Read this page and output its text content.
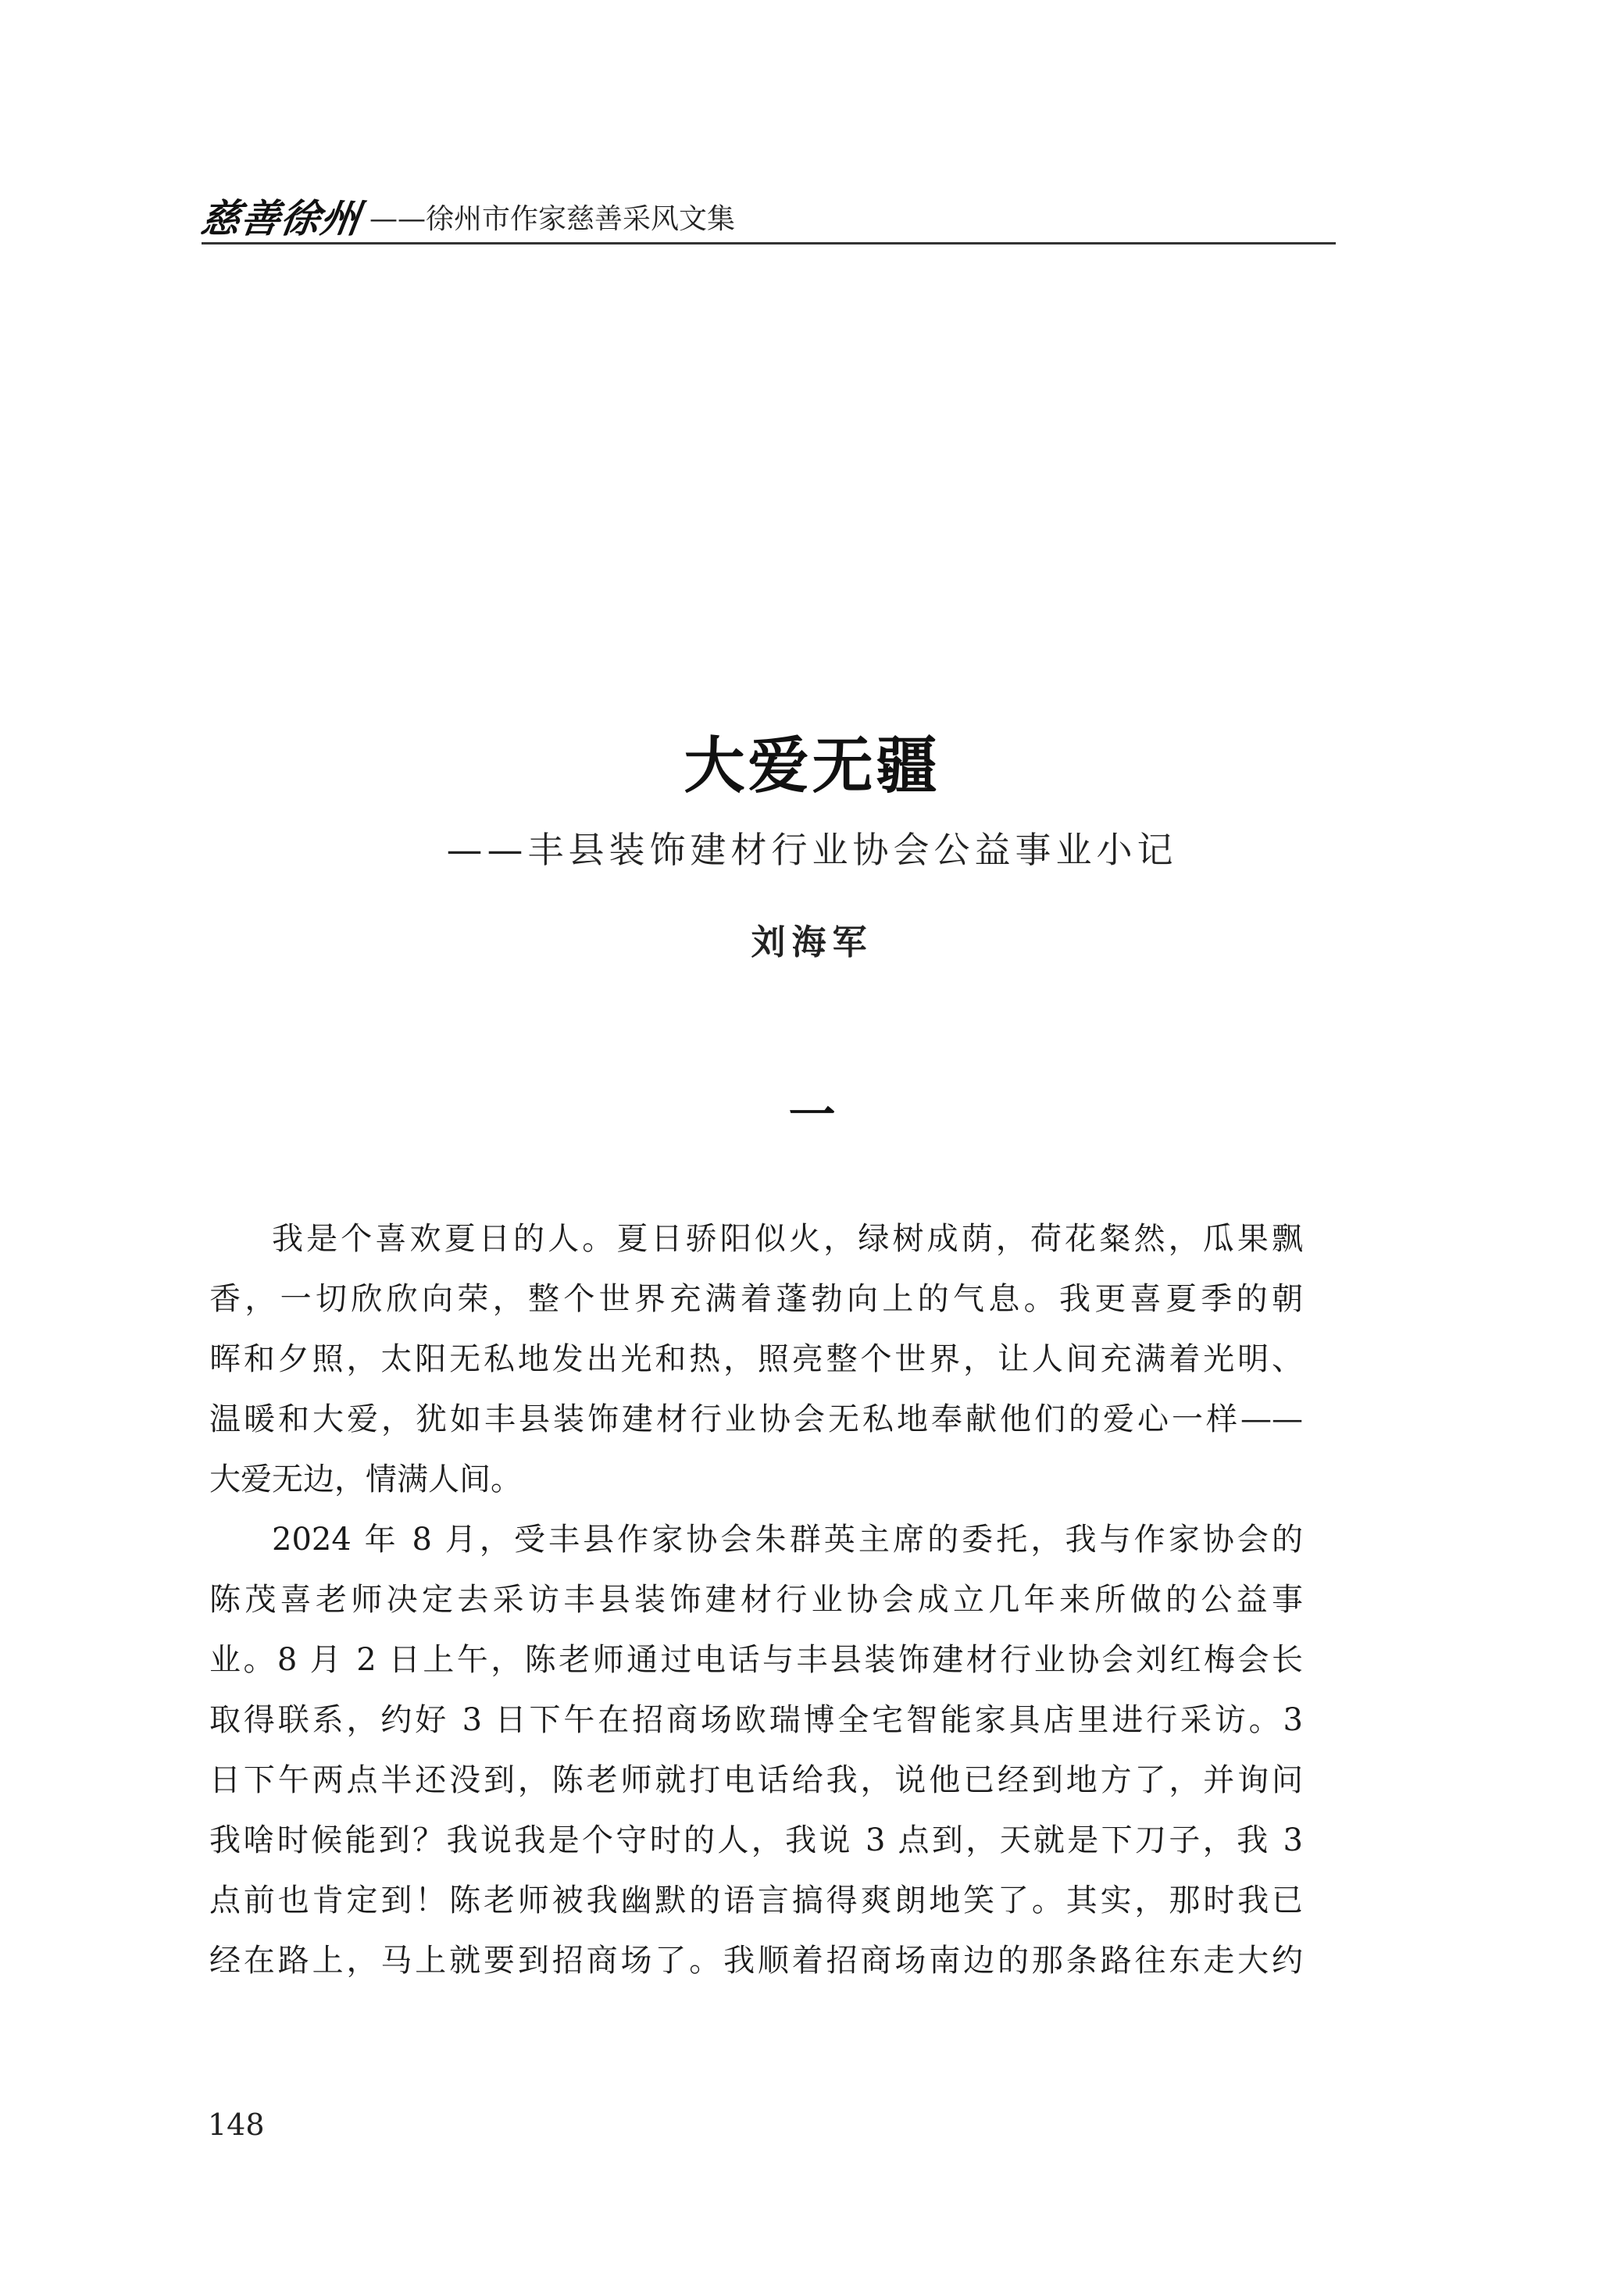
慈善徐州 ——徐州市作家慈善采风文集
大爱无疆
——丰县装饰建材行业协会公益事业小记
刘海军
一
我是个喜欢夏日的人。夏日骄阳似火，绿树成荫，荷花粲然，瓜果飘
香，一切欣欣向荣，整个世界充满着蓬勃向上的气息。我更喜夏季的朝
晖和夕照，太阳无私地发出光和热，照亮整个世界，让人间充满着光明、
温暖和大爱，犹如丰县装饰建材行业协会无私地奉献他们的爱心一样——
大爱无边，情满人间。
2024 年 8 月，受丰县作家协会朱群英主席的委托，我与作家协会的
陈茂喜老师决定去采访丰县装饰建材行业协会成立几年来所做的公益事
业。8 月 2 日上午，陈老师通过电话与丰县装饰建材行业协会刘红梅会长
取得联系，约好 3 日下午在招商场欧瑞博全宅智能家具店里进行采访。3
日下午两点半还没到，陈老师就打电话给我，说他已经到地方了，并询问
我啥时候能到？我说我是个守时的人，我说 3 点到，天就是下刀子，我 3
点前也肯定到！陈老师被我幽默的语言搞得爽朗地笑了。其实，那时我已
经在路上，马上就要到招商场了。我顺着招商场南边的那条路往东走大约
148
